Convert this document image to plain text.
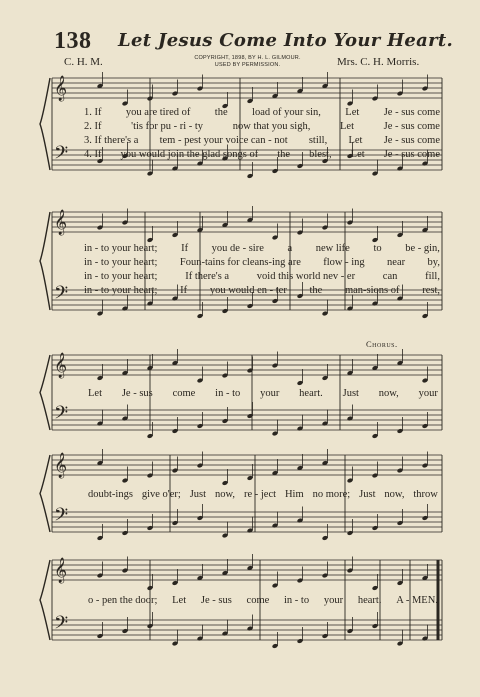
138 Let Jesus Come Into Your Heart.
C. H. M.	COPYRIGHT, 1898, BY H. L. GILMOUR.
USED BY PERMISSION.	Mrs. C. H. Morris.
Chorus.
𝄞
𝄢
𝄞
𝄢
𝄞
𝄢
𝄞
𝄢
𝄞
𝄢
1. If you are tired of the load of your sin, Let Je - sus come
2. If	'tis for pu - ri - ty	now that you sigh,	Let	Je - sus come
3. If there's a tem - pest your voice can - not still, Let Je - sus come
4. If you would join the glad songs of the blest, Let Je - sus come
in - to your heart; If you de - sire a new life to be - gin,
in - to your heart; Foun-tains for cleans-ing are flow - ing near by,
in - to your heart;	If there's a	void this world nev - er	can	fill,
in - to your heart; If you would en - ter the man-sions of rest,
Let Je - sus come in - to your heart. Just now, your
doubt-ings give o'er; Just now, re - ject Him no more; Just now, throw
o - pen the door; Let Je - sus come in - to your heart. A - MEN.
